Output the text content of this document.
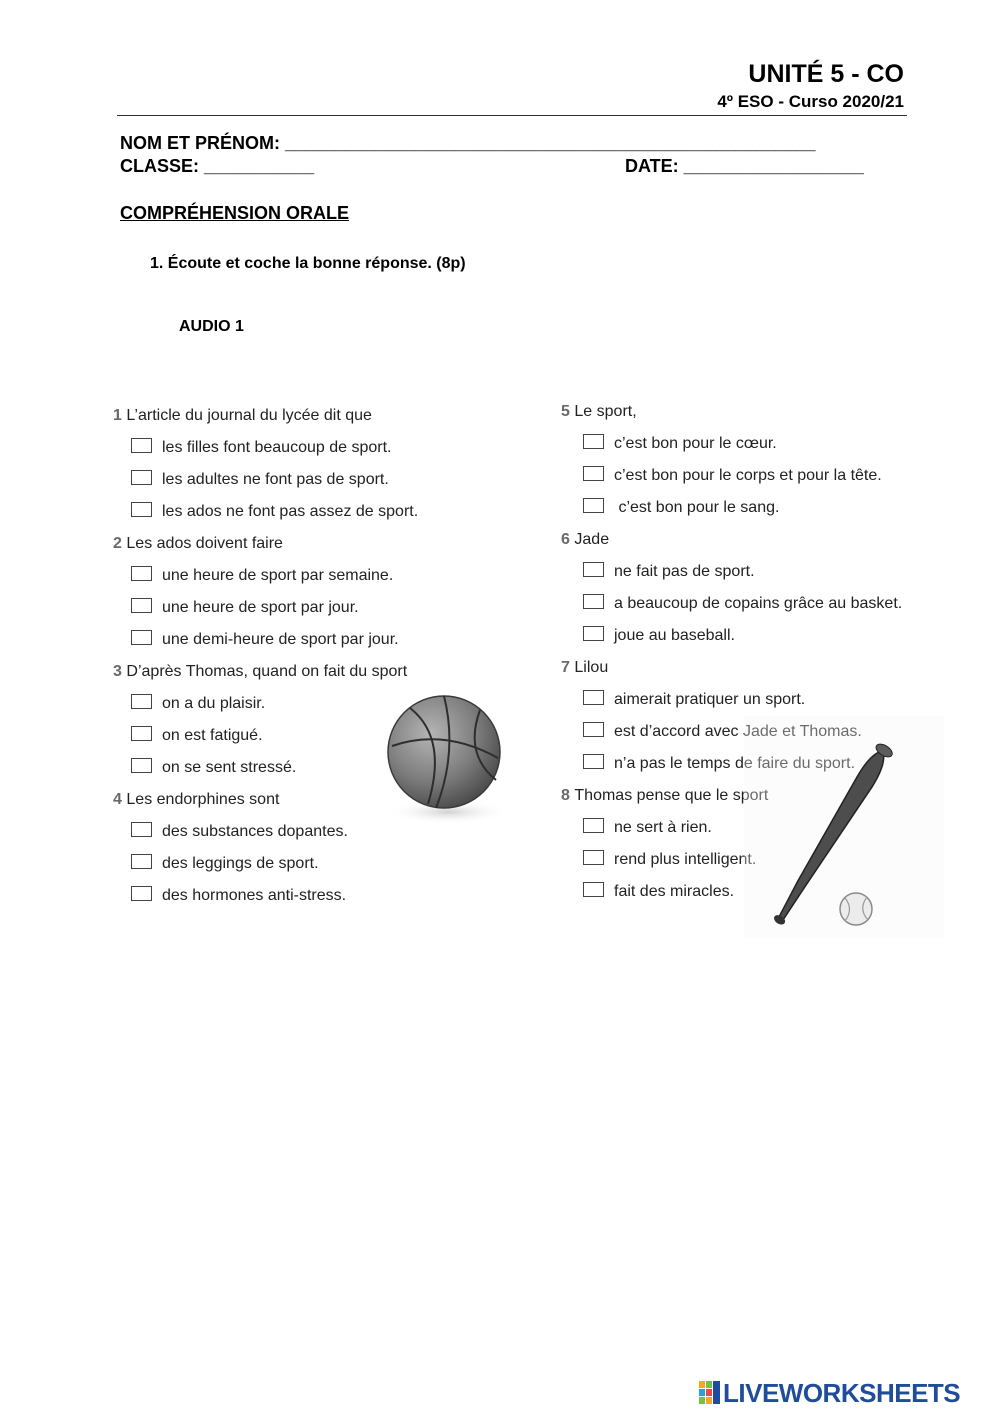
UNITÉ 5 - CO
4º ESO - Curso 2020/21
NOM ET PRÉNOM: _____________________________________________________
CLASSE: ___________	DATE: __________________
COMPRÉHENSION ORALE
1. Écoute et coche la bonne réponse. (8p)
AUDIO 1
1 L’article du journal du lycée dit que
les filles font beaucoup de sport.
les adultes ne font pas de sport.
les ados ne font pas assez de sport.
2 Les ados doivent faire
une heure de sport par semaine.
une heure de sport par jour.
une demi-heure de sport par jour.
3 D’après Thomas, quand on fait du sport
on a du plaisir.
on est fatigué.
on se sent stressé.
4 Les endorphines sont
des substances dopantes.
des leggings de sport.
des hormones anti-stress.
5 Le sport,
c’est bon pour le cœur.
c’est bon pour le corps et pour la tête.
c’est bon pour le sang.
6 Jade
ne fait pas de sport.
a beaucoup de copains grâce au basket.
joue au baseball.
7 Lilou
aimerait pratiquer un sport.
est d’accord avec Jade et Thomas.
n’a pas le temps de faire du sport.
8 Thomas pense que le sport
ne sert à rien.
rend plus intelligent.
fait des miracles.
LIVEWORKSHEETS
